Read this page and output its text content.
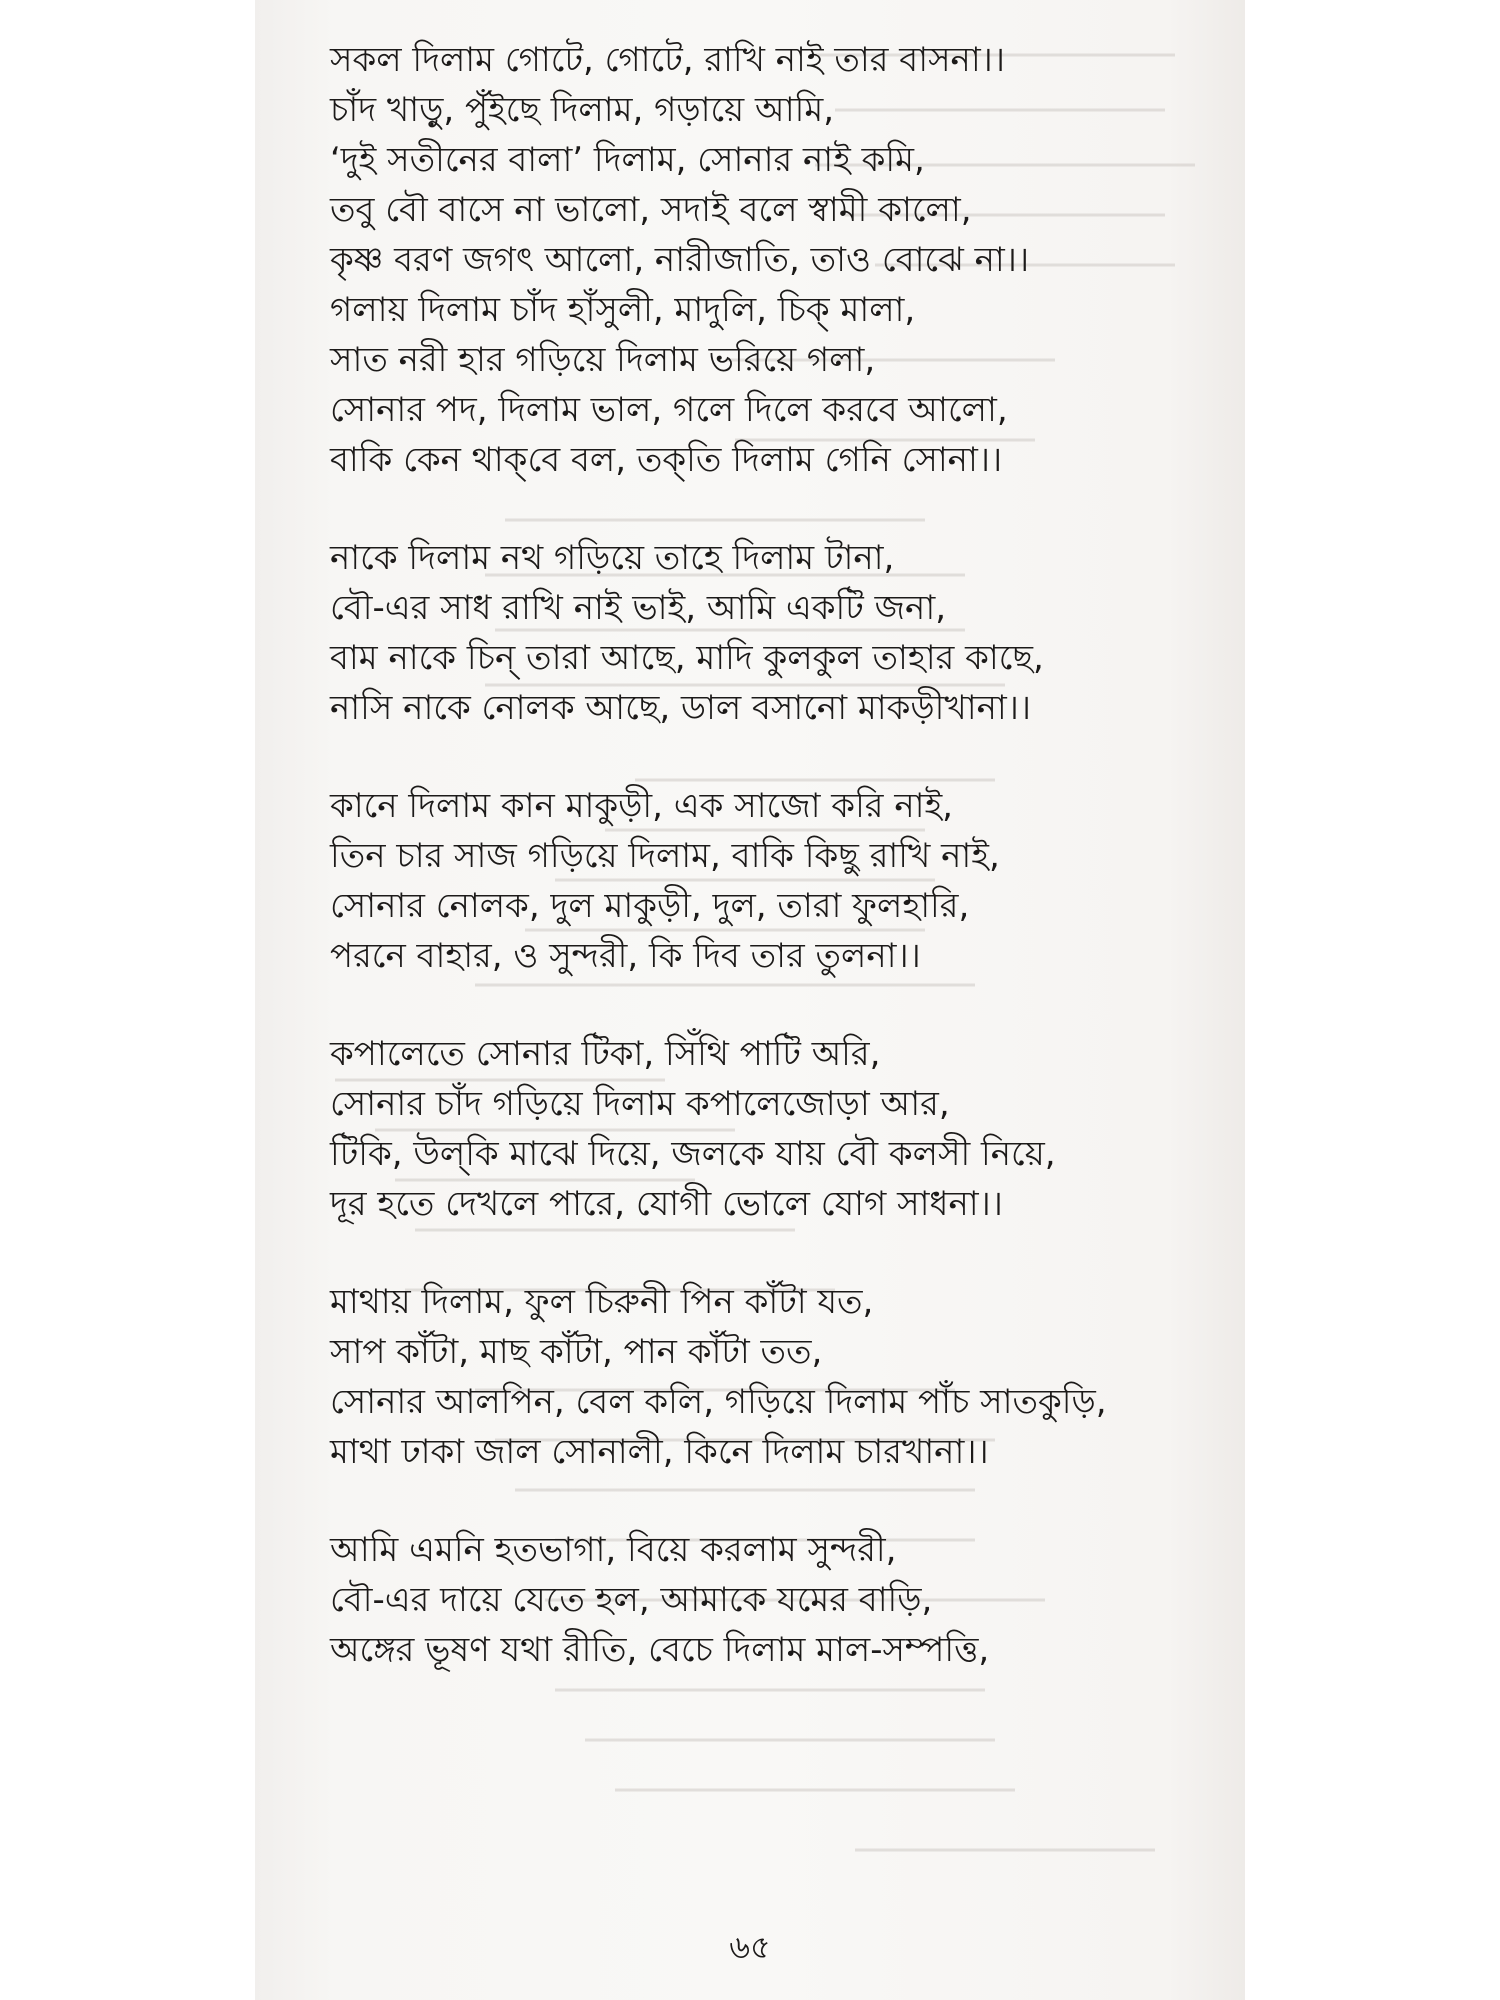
সকল দিলাম গোটে, গোটে, রাখি নাই তার বাসনা।।
চাঁদ খাড়ু, পুঁইছে দিলাম, গড়ায়ে আমি,
‘দুই সতীনের বালা’ দিলাম, সোনার নাই কমি,
তবু বৌ বাসে না ভালো, সদাই বলে স্বামী কালো,
কৃষ্ণ বরণ জগৎ আলো, নারীজাতি, তাও বোঝে না।।
গলায় দিলাম চাঁদ হাঁসুলী, মাদুলি, চিক্ মালা,
সাত নরী হার গড়িয়ে দিলাম ভরিয়ে গলা,
সোনার পদ, দিলাম ভাল, গলে দিলে করবে আলো,
বাকি কেন থাক্‌বে বল, তক্‌তি দিলাম গেনি সোনা।।
নাকে দিলাম নথ গড়িয়ে তাহে দিলাম টানা,
বৌ-এর সাধ রাখি নাই ভাই, আমি একটি জনা,
বাম নাকে চিন্ তারা আছে, মাদি কুলকুল তাহার কাছে,
নাসি নাকে নোলক আছে, ডাল বসানো মাকড়ীখানা।।
কানে দিলাম কান মাকুড়ী, এক সাজো করি নাই,
তিন চার সাজ গড়িয়ে দিলাম, বাকি কিছু রাখি নাই,
সোনার নোলক, দুল মাকুড়ী, দুল, তারা ফুলহারি,
পরনে বাহার, ও সুন্দরী, কি দিব তার তুলনা।।
কপালেতে সোনার টিকা, সিঁথি পাটি অরি,
সোনার চাঁদ গড়িয়ে দিলাম কপালেজোড়া আর,
টিকি, উল্‌কি মাঝে দিয়ে, জলকে যায় বৌ কলসী নিয়ে,
দূর হতে দেখলে পারে, যোগী ভোলে যোগ সাধনা।।
মাথায় দিলাম, ফুল চিরুনী পিন কাঁটা যত,
সাপ কাঁটা, মাছ কাঁটা, পান কাঁটা তত,
সোনার আলপিন, বেল কলি, গড়িয়ে দিলাম পাঁচ সাতকুড়ি,
মাথা ঢাকা জাল সোনালী, কিনে দিলাম চারখানা।।
আমি এমনি হতভাগা, বিয়ে করলাম সুন্দরী,
বৌ-এর দায়ে যেতে হল, আমাকে যমের বাড়ি,
অঙ্গের ভূষণ যথা রীতি, বেচে দিলাম মাল-সম্পত্তি,
৬৫
